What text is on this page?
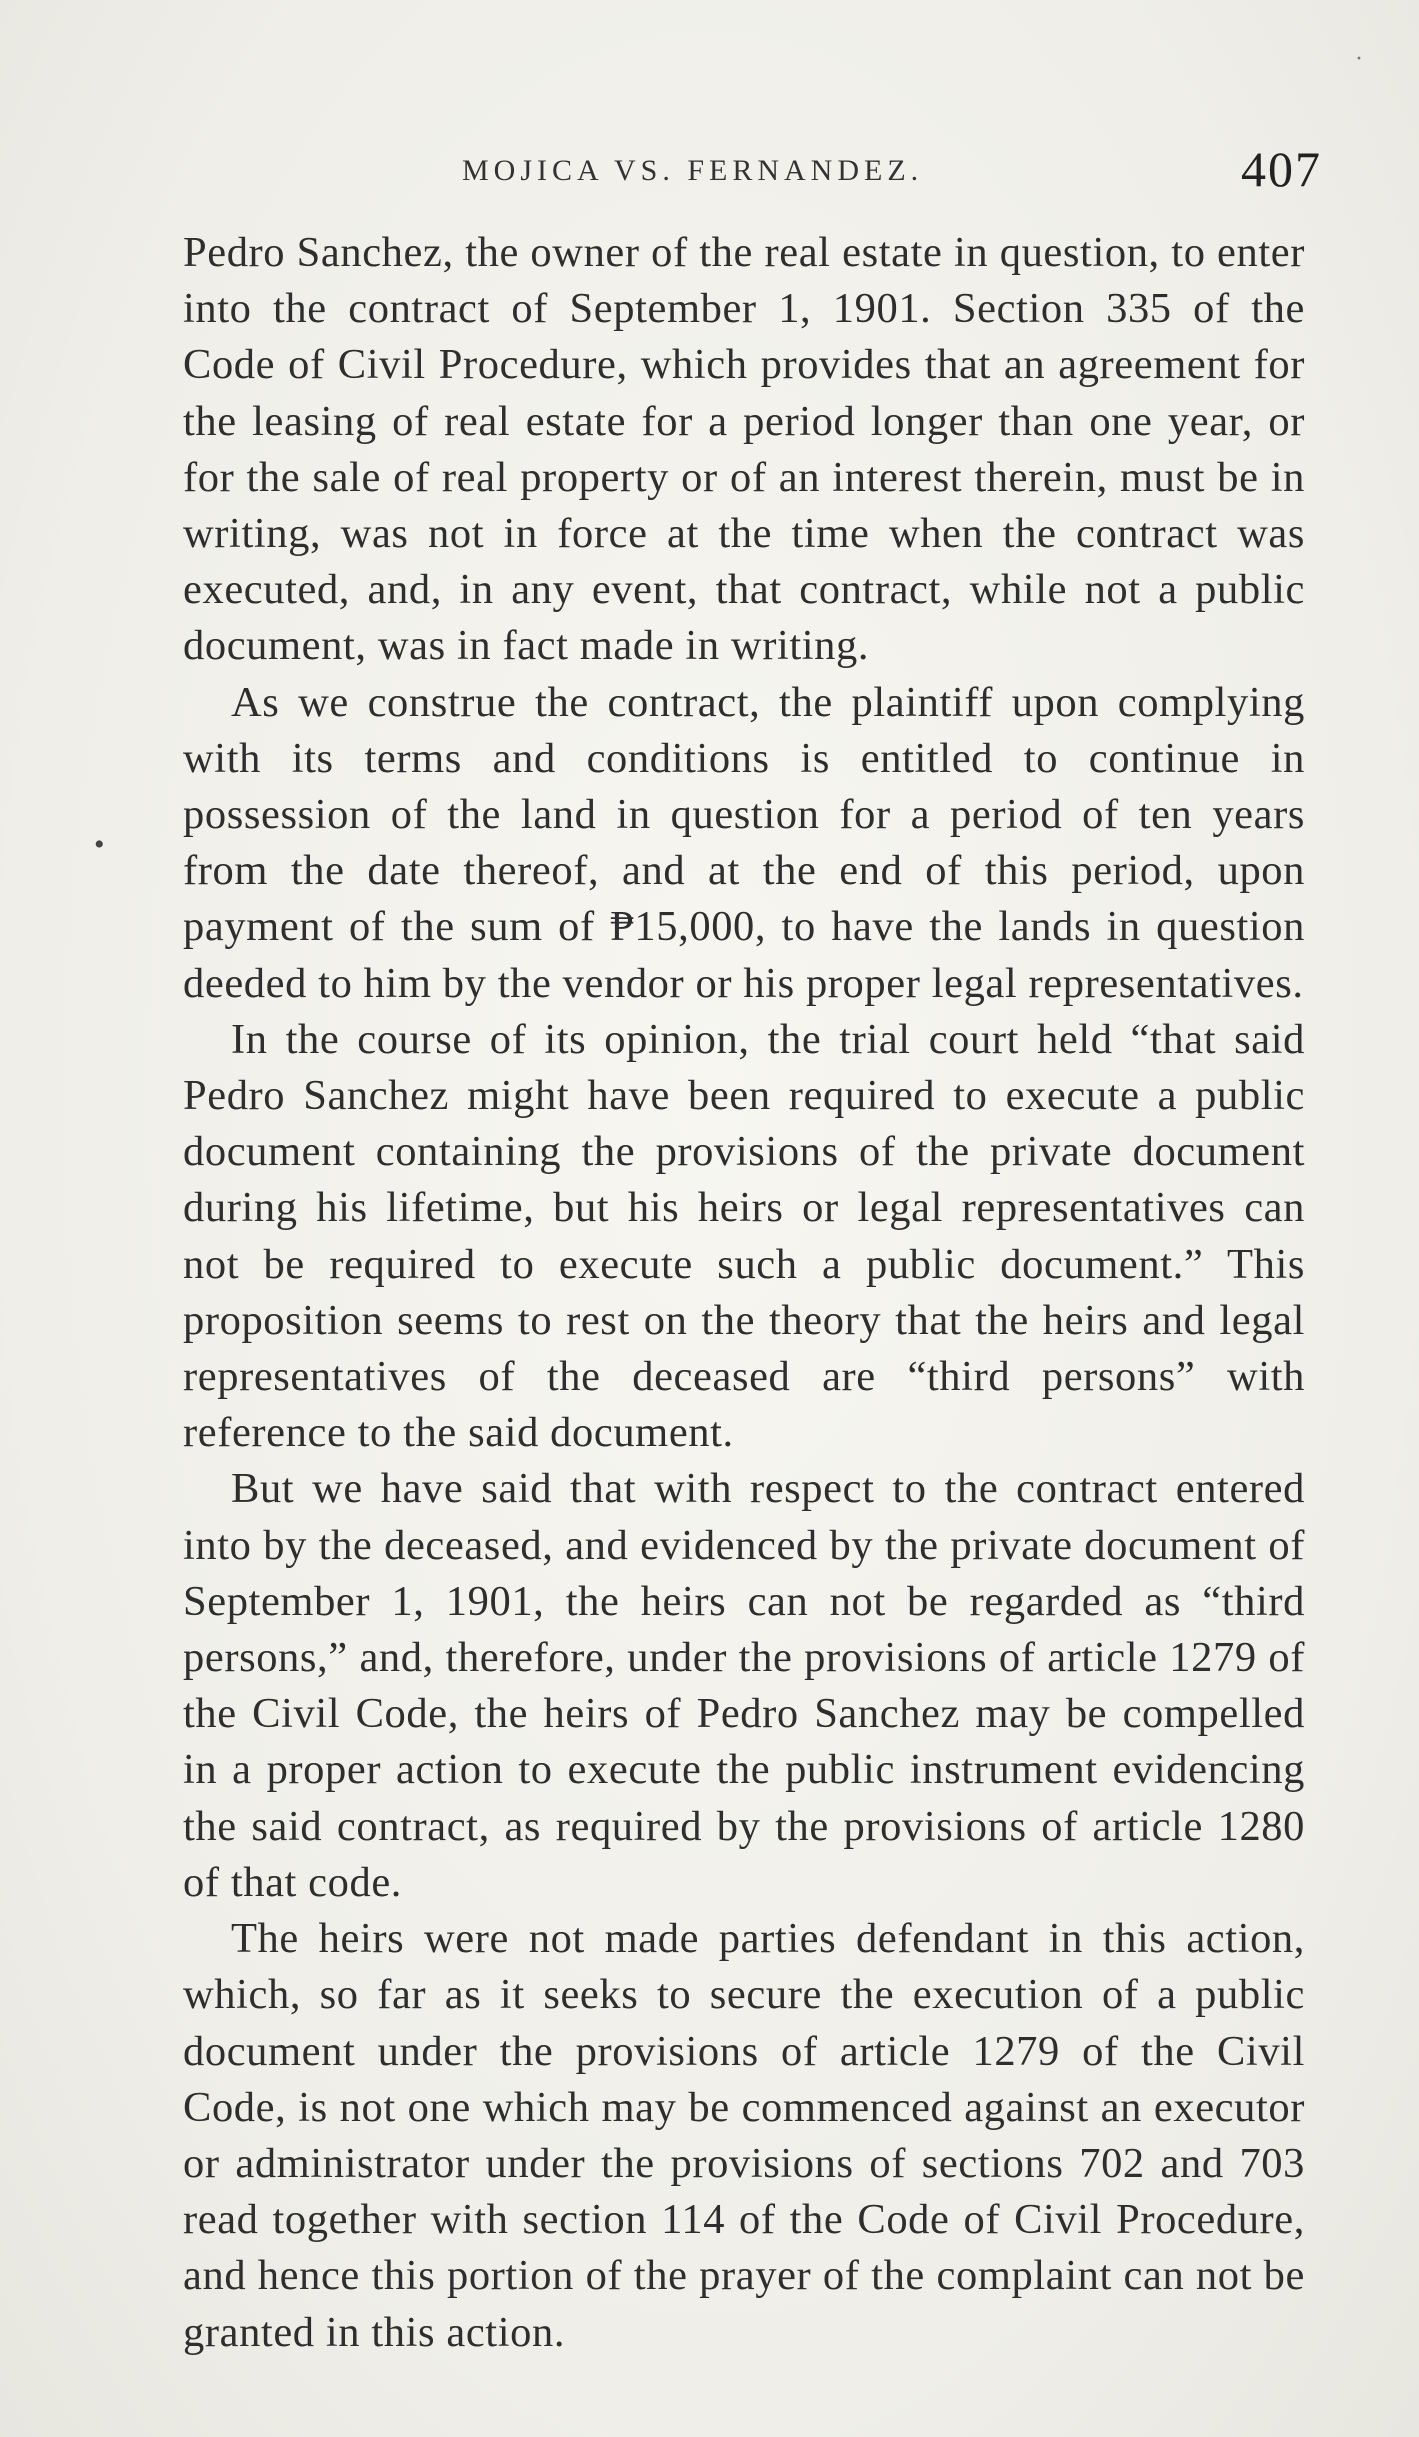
·
MOJICA VS. FERNANDEZ.	407
•

Pedro Sanchez, the owner of the real estate in question, to enter into the contract of September 1, 1901. Section 335 of the Code of Civil Procedure, which provides that an agreement for the leasing of real estate for a period longer than one year, or for the sale of real property or of an interest therein, must be in writing, was not in force at the time when the contract was executed, and, in any event, that contract, while not a public document, was in fact made in writing.

As we construe the contract, the plaintiff upon complying with its terms and conditions is entitled to continue in possession of the land in question for a period of ten years from the date thereof, and at the end of this period, upon payment of the sum of ₱15,000, to have the lands in question deeded to him by the vendor or his proper legal representatives.

In the course of its opinion, the trial court held “that said Pedro Sanchez might have been required to execute a public document containing the provisions of the private document during his lifetime, but his heirs or legal representatives can not be required to execute such a public document.” This proposition seems to rest on the theory that the heirs and legal representatives of the deceased are “third persons” with reference to the said document.

But we have said that with respect to the contract entered into by the deceased, and evidenced by the private document of September 1, 1901, the heirs can not be regarded as “third persons,” and, therefore, under the provisions of article 1279 of the Civil Code, the heirs of Pedro Sanchez may be compelled in a proper action to execute the public instrument evidencing the said contract, as required by the provisions of article 1280 of that code.

The heirs were not made parties defendant in this action, which, so far as it seeks to secure the execution of a public document under the provisions of article 1279 of the Civil Code, is not one which may be commenced against an executor or administrator under the provisions of sections 702 and 703 read together with section 114 of the Code of Civil Procedure, and hence this portion of the prayer of the complaint can not be granted in this action.
